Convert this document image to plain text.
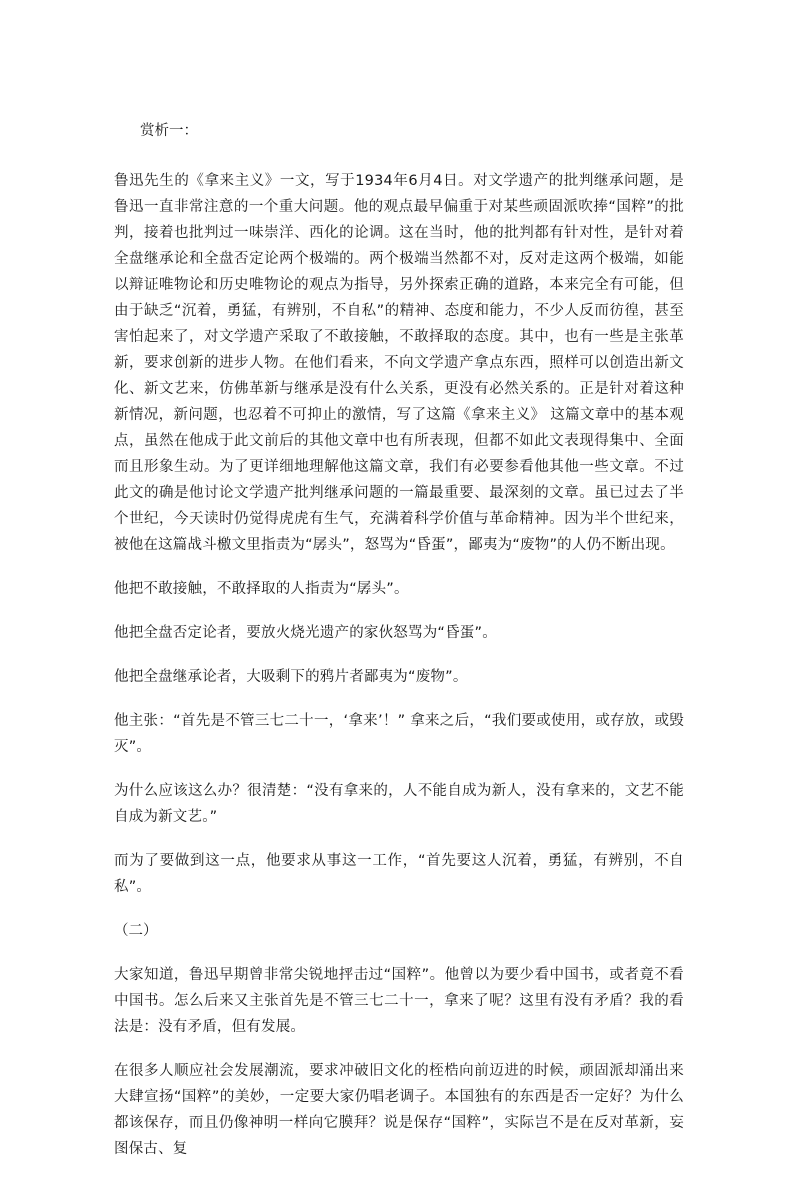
赏析一：

鲁迅先生的《拿来主义》一文，写于1934年6月4日。对文学遗产的批判继承问题，是鲁迅一直非常注意的一个重大问题。他的观点最早偏重于对某些顽固派吹捧“国粹”的批判，接着也批判过一味崇洋、西化的论调。这在当时，他的批判都有针对性，是针对着全盘继承论和全盘否定论两个极端的。两个极端当然都不对，反对走这两个极端，如能以辩证唯物论和历史唯物论的观点为指导，另外探索正确的道路，本来完全有可能，但由于缺乏“沉着，勇猛，有辨别，不自私”的精神、态度和能力，不少人反而彷徨，甚至害怕起来了，对文学遗产采取了不敢接触，不敢择取的态度。其中，也有一些是主张革新，要求创新的进步人物。在他们看来，不向文学遗产拿点东西，照样可以创造出新文化、新文艺来，仿佛革新与继承是没有什么关系，更没有必然关系的。正是针对着这种新情况，新问题，也忍着不可抑止的激情，写了这篇《拿来主义》 这篇文章中的基本观点，虽然在他成于此文前后的其他文章中也有所表现，但都不如此文表现得集中、全面而且形象生动。为了更详细地理解他这篇文章，我们有必要参看他其他一些文章。不过此文的确是他讨论文学遗产批判继承问题的一篇最重要、最深刻的文章。虽已过去了半个世纪，今天读时仍觉得虎虎有生气，充满着科学价值与革命精神。因为半个世纪来，被他在这篇战斗檄文里指责为“孱头”，怒骂为“昏蛋”，鄙夷为“废物”的人仍不断出现。

他把不敢接触，不敢择取的人指责为“孱头”。

他把全盘否定论者，要放火烧光遗产的家伙怒骂为“昏蛋”。

他把全盘继承论者，大吸剩下的鸦片者鄙夷为“废物”。

他主张：“首先是不管三七二十一，‘拿来’！” 拿来之后，“我们要或使用，或存放，或毁灭”。

为什么应该这么办？很清楚：“没有拿来的，人不能自成为新人，没有拿来的，文艺不能自成为新文艺。”

而为了要做到这一点，他要求从事这一工作，“首先要这人沉着，勇猛，有辨别，不自私”。

（二）

大家知道，鲁迅早期曾非常尖锐地抨击过“国粹”。他曾以为要少看中国书，或者竟不看中国书。怎么后来又主张首先是不管三七二十一，拿来了呢？这里有没有矛盾？我的看法是：没有矛盾，但有发展。

在很多人顺应社会发展潮流，要求冲破旧文化的桎梏向前迈进的时候，顽固派却涌出来大肆宣扬“国粹”的美妙，一定要大家仍唱老调子。本国独有的东西是否一定好？为什么都该保存，而且仍像神明一样向它膜拜？说是保存“国粹”，实际岂不是在反对革新，妄图保古、复
